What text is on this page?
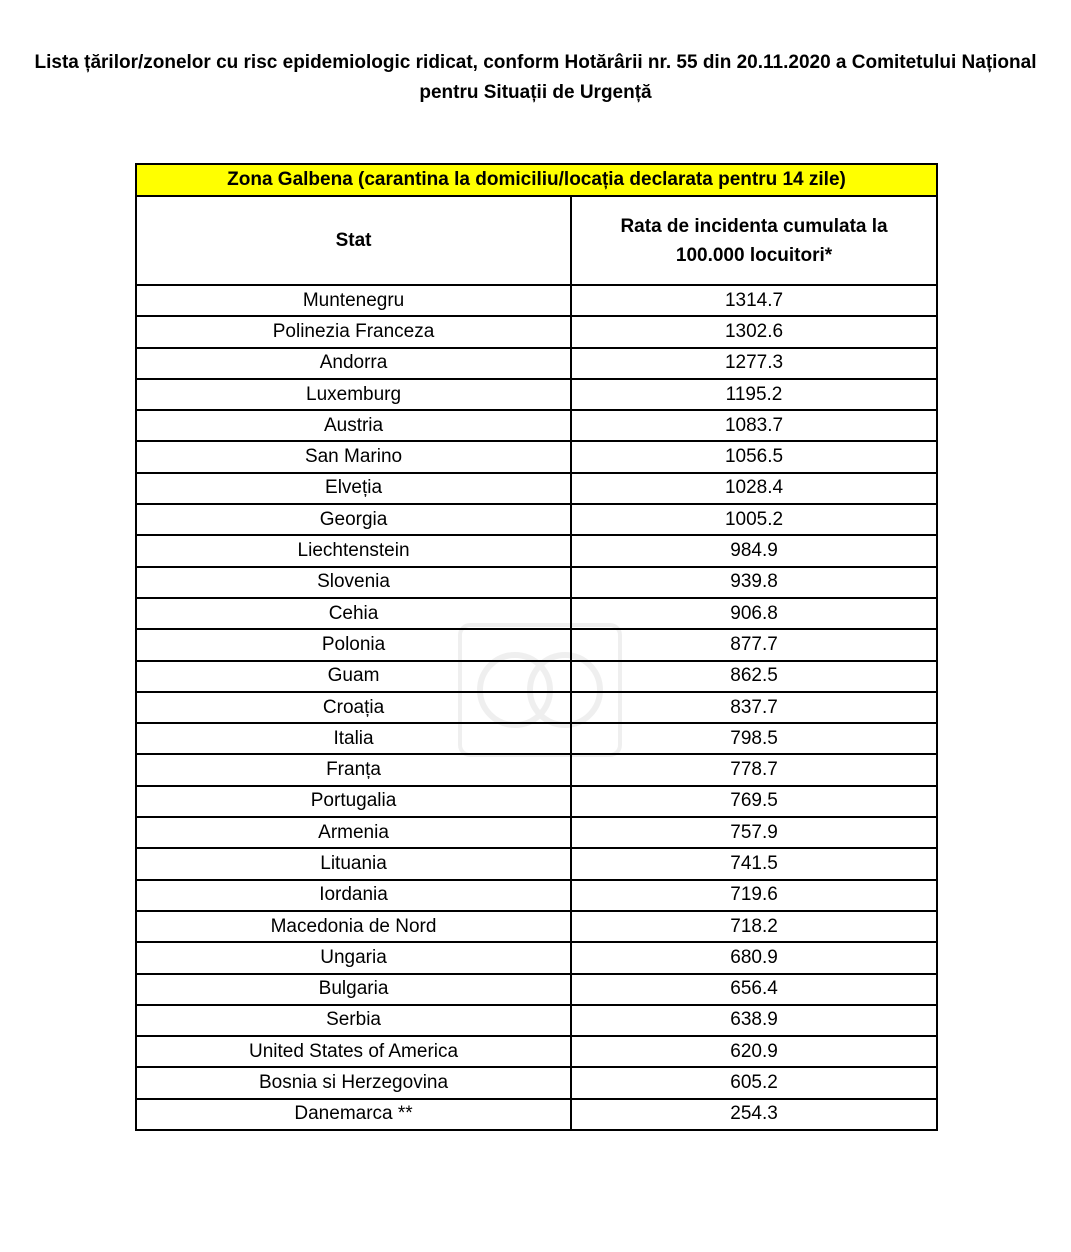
Lista țărilor/zonelor cu risc epidemiologic ridicat, conform Hotărârii nr. 55 din 20.11.2020 a Comitetului Național
pentru Situații de Urgență
Zona Galbena (carantina la domiciliu/locația declarata pentru 14 zile)	
Stat	Rata de incidenta cumulata la
100.000 locuitori*
Muntenegru	1314.7
Polinezia Franceza	1302.6
Andorra	1277.3
Luxemburg	1195.2
Austria	1083.7
San Marino	1056.5
Elveția	1028.4
Georgia	1005.2
Liechtenstein	984.9
Slovenia	939.8
Cehia	906.8
Polonia	877.7
Guam	862.5
Croația	837.7
Italia	798.5
Franța	778.7
Portugalia	769.5
Armenia	757.9
Lituania	741.5
Iordania	719.6
Macedonia de Nord	718.2
Ungaria	680.9
Bulgaria	656.4
Serbia	638.9
United States of America	620.9
Bosnia si Herzegovina	605.2
Danemarca **	254.3
